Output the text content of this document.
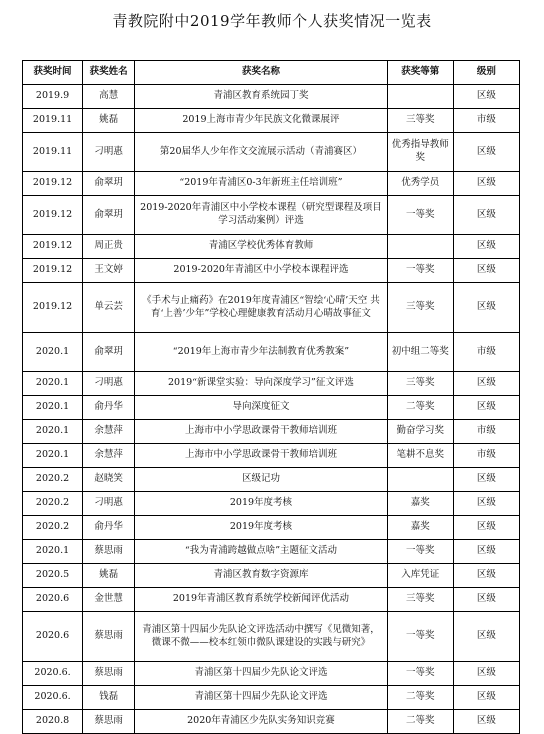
青教院附中2019学年教师个人获奖情况一览表
获奖时间	获奖姓名	获奖名称	获奖等第	级别
2019.9	高慧	青浦区教育系统园丁奖		区级
2019.11	姚磊	2019上海市青少年民族文化微课展评	三等奖	市级
2019.11	刁明惠	第20届华人少年作文交流展示活动（青浦赛区）	优秀指导教师奖	区级
2019.12	俞翠玥	“2019年青浦区0-3年新班主任培训班”	优秀学员	区级
2019.12	俞翠玥	2019-2020年青浦区中小学校本课程（研究型课程及项目学习活动案例）评选	一等奖	区级
2019.12	周正贵	青浦区学校优秀体育教师		区级
2019.12	王文婷	2019-2020年青浦区中小学校本课程评选	一等奖	区级
2019.12	单云芸	《手术与止痛药》在2019年度青浦区“智绘‘心晴’天空 共育‘上善’少年”学校心理健康教育活动月心晴故事征文	三等奖	区级
2020.1	俞翠玥	“2019年上海市青少年法制教育优秀教案”	初中组二等奖	市级
2020.1	刁明惠	2019“新课堂实验：导向深度学习”征文评选	三等奖	区级
2020.1	俞丹华	导向深度征文	二等奖	区级
2020.1	余慧萍	上海市中小学思政课骨干教师培训班	勤奋学习奖	市级
2020.1	余慧萍	上海市中小学思政课骨干教师培训班	笔耕不息奖	市级
2020.2	赵晓笑	区级记功		区级
2020.2	刁明惠	2019年度考核	嘉奖	区级
2020.2	俞丹华	2019年度考核	嘉奖	区级
2020.1	蔡思雨	“我为青浦跨越做点啥”主题征文活动	一等奖	区级
2020.5	姚磊	青浦区教育数字资源库	入库凭证	区级
2020.6	金世慧	2019年青浦区教育系统学校新闻评优活动	三等奖	区级
2020.6	蔡思雨	青浦区第十四届少先队论文评选活动中撰写《见微知著，微课不微——校本红领巾微队课建设的实践与研究》	一等奖	区级
2020.6.	蔡思雨	青浦区第十四届少先队论文评选	一等奖	区级
2020.6.	钱磊	青浦区第十四届少先队论文评选	二等奖	区级
2020.8	蔡思雨	2020年青浦区少先队实务知识竞赛	二等奖	区级
